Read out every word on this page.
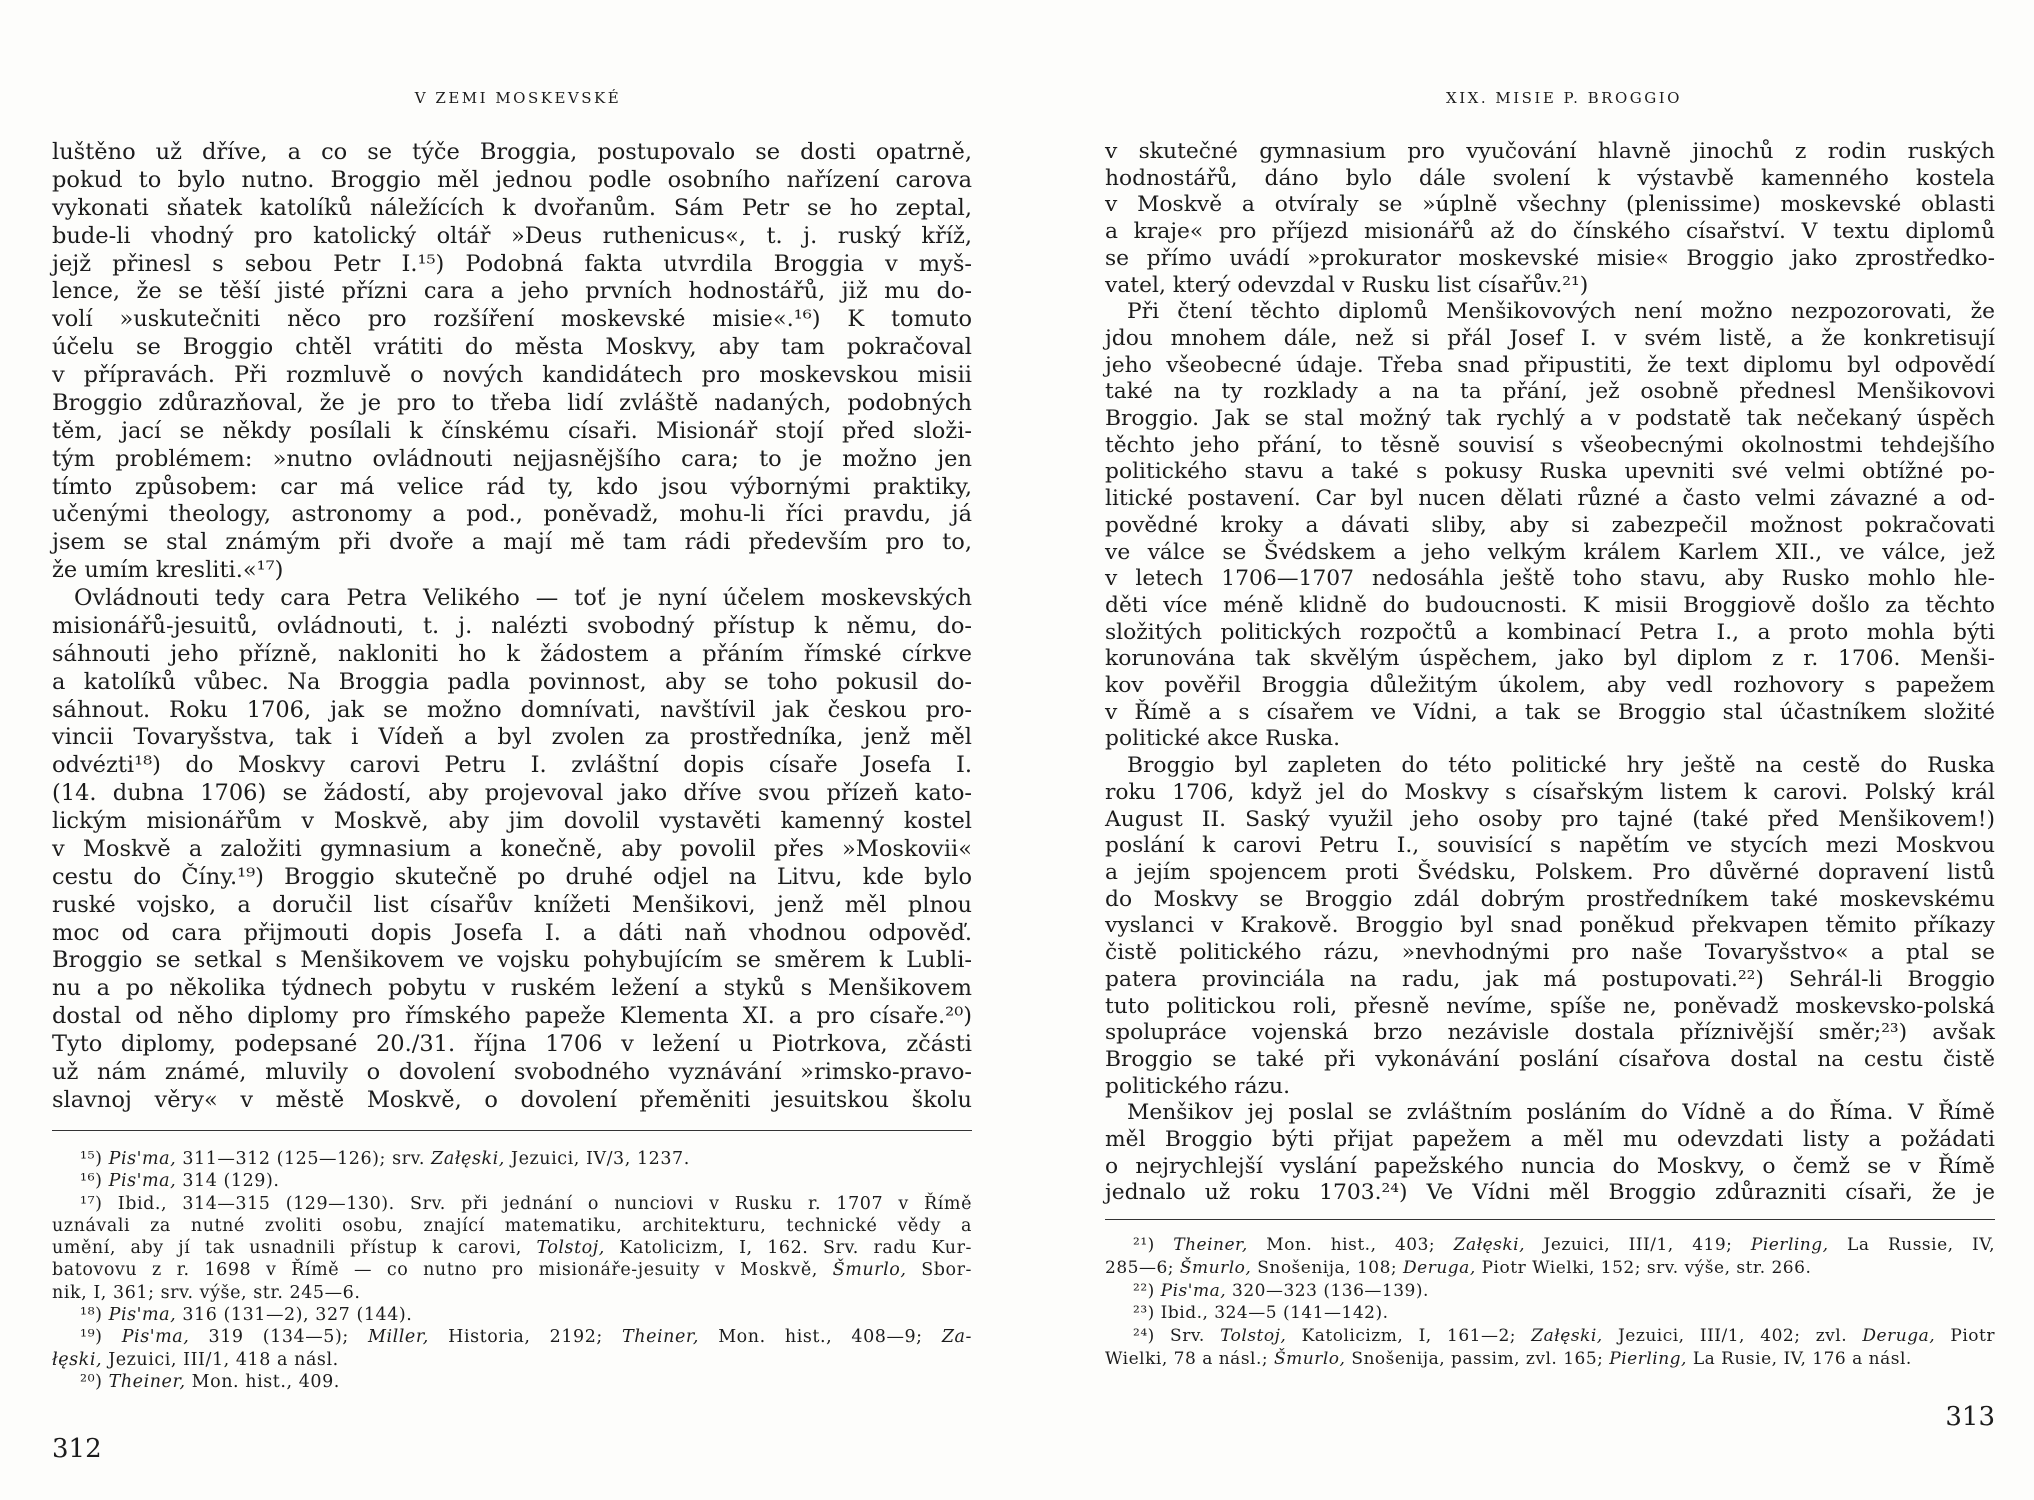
V ZEMI MOSKEVSKÉ
luštěno už dříve, a co se týče Broggia, postupovalo se dosti opatrně,
pokud to bylo nutno. Broggio měl jednou podle osobního nařízení carova
vykonati sňatek katolíků náležících k dvořanům. Sám Petr se ho zeptal,
bude-li vhodný pro katolický oltář »Deus ruthenicus«, t. j. ruský kříž,
jejž přinesl s sebou Petr I.¹⁵) Podobná fakta utvrdila Broggia v myš-
lence, že se těší jisté přízni cara a jeho prvních hodnostářů, již mu do-
volí »uskutečniti něco pro rozšíření moskevské misie«.¹⁶) K tomuto
účelu se Broggio chtěl vrátiti do města Moskvy, aby tam pokračoval
v přípravách. Při rozmluvě o nových kandidátech pro moskevskou misii
Broggio zdůrazňoval, že je pro to třeba lidí zvláště nadaných, podobných
těm, jací se někdy posílali k čínskému císaři. Misionář stojí před složi-
tým problémem: »nutno ovládnouti nejjasnějšího cara; to je možno jen
tímto způsobem: car má velice rád ty, kdo jsou výbornými praktiky,
učenými theology, astronomy a pod., poněvadž, mohu-li říci pravdu, já
jsem se stal známým při dvoře a mají mě tam rádi především pro to,
že umím kresliti.«¹⁷)
Ovládnouti tedy cara Petra Velikého — toť je nyní účelem moskevských
misionářů-jesuitů, ovládnouti, t. j. nalézti svobodný přístup k němu, do-
sáhnouti jeho přízně, nakloniti ho k žádostem a přáním římské církve
a katolíků vůbec. Na Broggia padla povinnost, aby se toho pokusil do-
sáhnout. Roku 1706, jak se možno domnívati, navštívil jak českou pro-
vincii Tovaryšstva, tak i Vídeň a byl zvolen za prostředníka, jenž měl
odvézti¹⁸) do Moskvy carovi Petru I. zvláštní dopis císaře Josefa I.
(14. dubna 1706) se žádostí, aby projevoval jako dříve svou přízeň kato-
lickým misionářům v Moskvě, aby jim dovolil vystavěti kamenný kostel
v Moskvě a založiti gymnasium a konečně, aby povolil přes »Moskovii«
cestu do Číny.¹⁹) Broggio skutečně po druhé odjel na Litvu, kde bylo
ruské vojsko, a doručil list císařův knížeti Menšikovi, jenž měl plnou
moc od cara přijmouti dopis Josefa I. a dáti naň vhodnou odpověď.
Broggio se setkal s Menšikovem ve vojsku pohybujícím se směrem k Lubli-
nu a po několika týdnech pobytu v ruském ležení a styků s Menšikovem
dostal od něho diplomy pro římského papeže Klementa XI. a pro císaře.²⁰)
Tyto diplomy, podepsané 20./31. října 1706 v ležení u Piotrkova, zčásti
už nám známé, mluvily o dovolení svobodného vyznávání »rimsko-pravo-
slavnoj věry« v městě Moskvě, o dovolení přeměniti jesuitskou školu
¹⁵) Pis'ma, 311—312 (125—126); srv. Załęski, Jezuici, IV/3, 1237.
¹⁶) Pis'ma, 314 (129).
¹⁷) Ibid., 314—315 (129—130). Srv. při jednání o nunciovi v Rusku r. 1707 v Římě
uznávali za nutné zvoliti osobu, znající matematiku, architekturu, technické vědy a
umění, aby jí tak usnadnili přístup k carovi, Tolstoj, Katolicizm, I, 162. Srv. radu Kur-
batovovu z r. 1698 v Římě — co nutno pro misionáře-jesuity v Moskvě, Šmurlo, Sbor-
nik, I, 361; srv. výše, str. 245—6.
¹⁸) Pis'ma, 316 (131—2), 327 (144).
¹⁹) Pis'ma, 319 (134—5); Miller, Historia, 2192; Theiner, Mon. hist., 408—9; Za-
łęski, Jezuici, III/1, 418 a násl.
²⁰) Theiner, Mon. hist., 409.
312
XIX. MISIE P. BROGGIO
v skutečné gymnasium pro vyučování hlavně jinochů z rodin ruských
hodnostářů, dáno bylo dále svolení k výstavbě kamenného kostela
v Moskvě a otvíraly se »úplně všechny (plenissime) moskevské oblasti
a kraje« pro příjezd misionářů až do čínského císařství. V textu diplomů
se přímo uvádí »prokurator moskevské misie« Broggio jako zprostředko-
vatel, který odevzdal v Rusku list císařův.²¹)
Při čtení těchto diplomů Menšikovových není možno nezpozorovati, že
jdou mnohem dále, než si přál Josef I. v svém listě, a že konkretisují
jeho všeobecné údaje. Třeba snad připustiti, že text diplomu byl odpovědí
také na ty rozklady a na ta přání, jež osobně přednesl Menšikovovi
Broggio. Jak se stal možný tak rychlý a v podstatě tak nečekaný úspěch
těchto jeho přání, to těsně souvisí s všeobecnými okolnostmi tehdejšího
politického stavu a také s pokusy Ruska upevniti své velmi obtížné po-
litické postavení. Car byl nucen dělati různé a často velmi závazné a od-
povědné kroky a dávati sliby, aby si zabezpečil možnost pokračovati
ve válce se Švédskem a jeho velkým králem Karlem XII., ve válce, jež
v letech 1706—1707 nedosáhla ještě toho stavu, aby Rusko mohlo hle-
děti více méně klidně do budoucnosti. K misii Broggiově došlo za těchto
složitých politických rozpočtů a kombinací Petra I., a proto mohla býti
korunována tak skvělým úspěchem, jako byl diplom z r. 1706. Menši-
kov pověřil Broggia důležitým úkolem, aby vedl rozhovory s papežem
v Římě a s císařem ve Vídni, a tak se Broggio stal účastníkem složité
politické akce Ruska.
Broggio byl zapleten do této politické hry ještě na cestě do Ruska
roku 1706, když jel do Moskvy s císařským listem k carovi. Polský král
August II. Saský využil jeho osoby pro tajné (také před Menšikovem!)
poslání k carovi Petru I., souvisící s napětím ve stycích mezi Moskvou
a jejím spojencem proti Švédsku, Polskem. Pro důvěrné dopravení listů
do Moskvy se Broggio zdál dobrým prostředníkem také moskevskému
vyslanci v Krakově. Broggio byl snad poněkud překvapen těmito příkazy
čistě politického rázu, »nevhodnými pro naše Tovaryšstvo« a ptal se
patera provinciála na radu, jak má postupovati.²²) Sehrál-li Broggio
tuto politickou roli, přesně nevíme, spíše ne, poněvadž moskevsko-polská
spolupráce vojenská brzo nezávisle dostala příznivější směr;²³) avšak
Broggio se také při vykonávání poslání císařova dostal na cestu čistě
politického rázu.
Menšikov jej poslal se zvláštním posláním do Vídně a do Říma. V Římě
měl Broggio býti přijat papežem a měl mu odevzdati listy a požádati
o nejrychlejší vyslání papežského nuncia do Moskvy, o čemž se v Římě
jednalo už roku 1703.²⁴) Ve Vídni měl Broggio zdůrazniti císaři, že je
²¹) Theiner, Mon. hist., 403; Załęski, Jezuici, III/1, 419; Pierling, La Russie, IV,
285—6; Šmurlo, Snošenija, 108; Deruga, Piotr Wielki, 152; srv. výše, str. 266.
²²) Pis'ma, 320—323 (136—139).
²³) Ibid., 324—5 (141—142).
²⁴) Srv. Tolstoj, Katolicizm, I, 161—2; Załęski, Jezuici, III/1, 402; zvl. Deruga, Piotr
Wielki, 78 a násl.; Šmurlo, Snošenija, passim, zvl. 165; Pierling, La Rusie, IV, 176 a násl.
313
